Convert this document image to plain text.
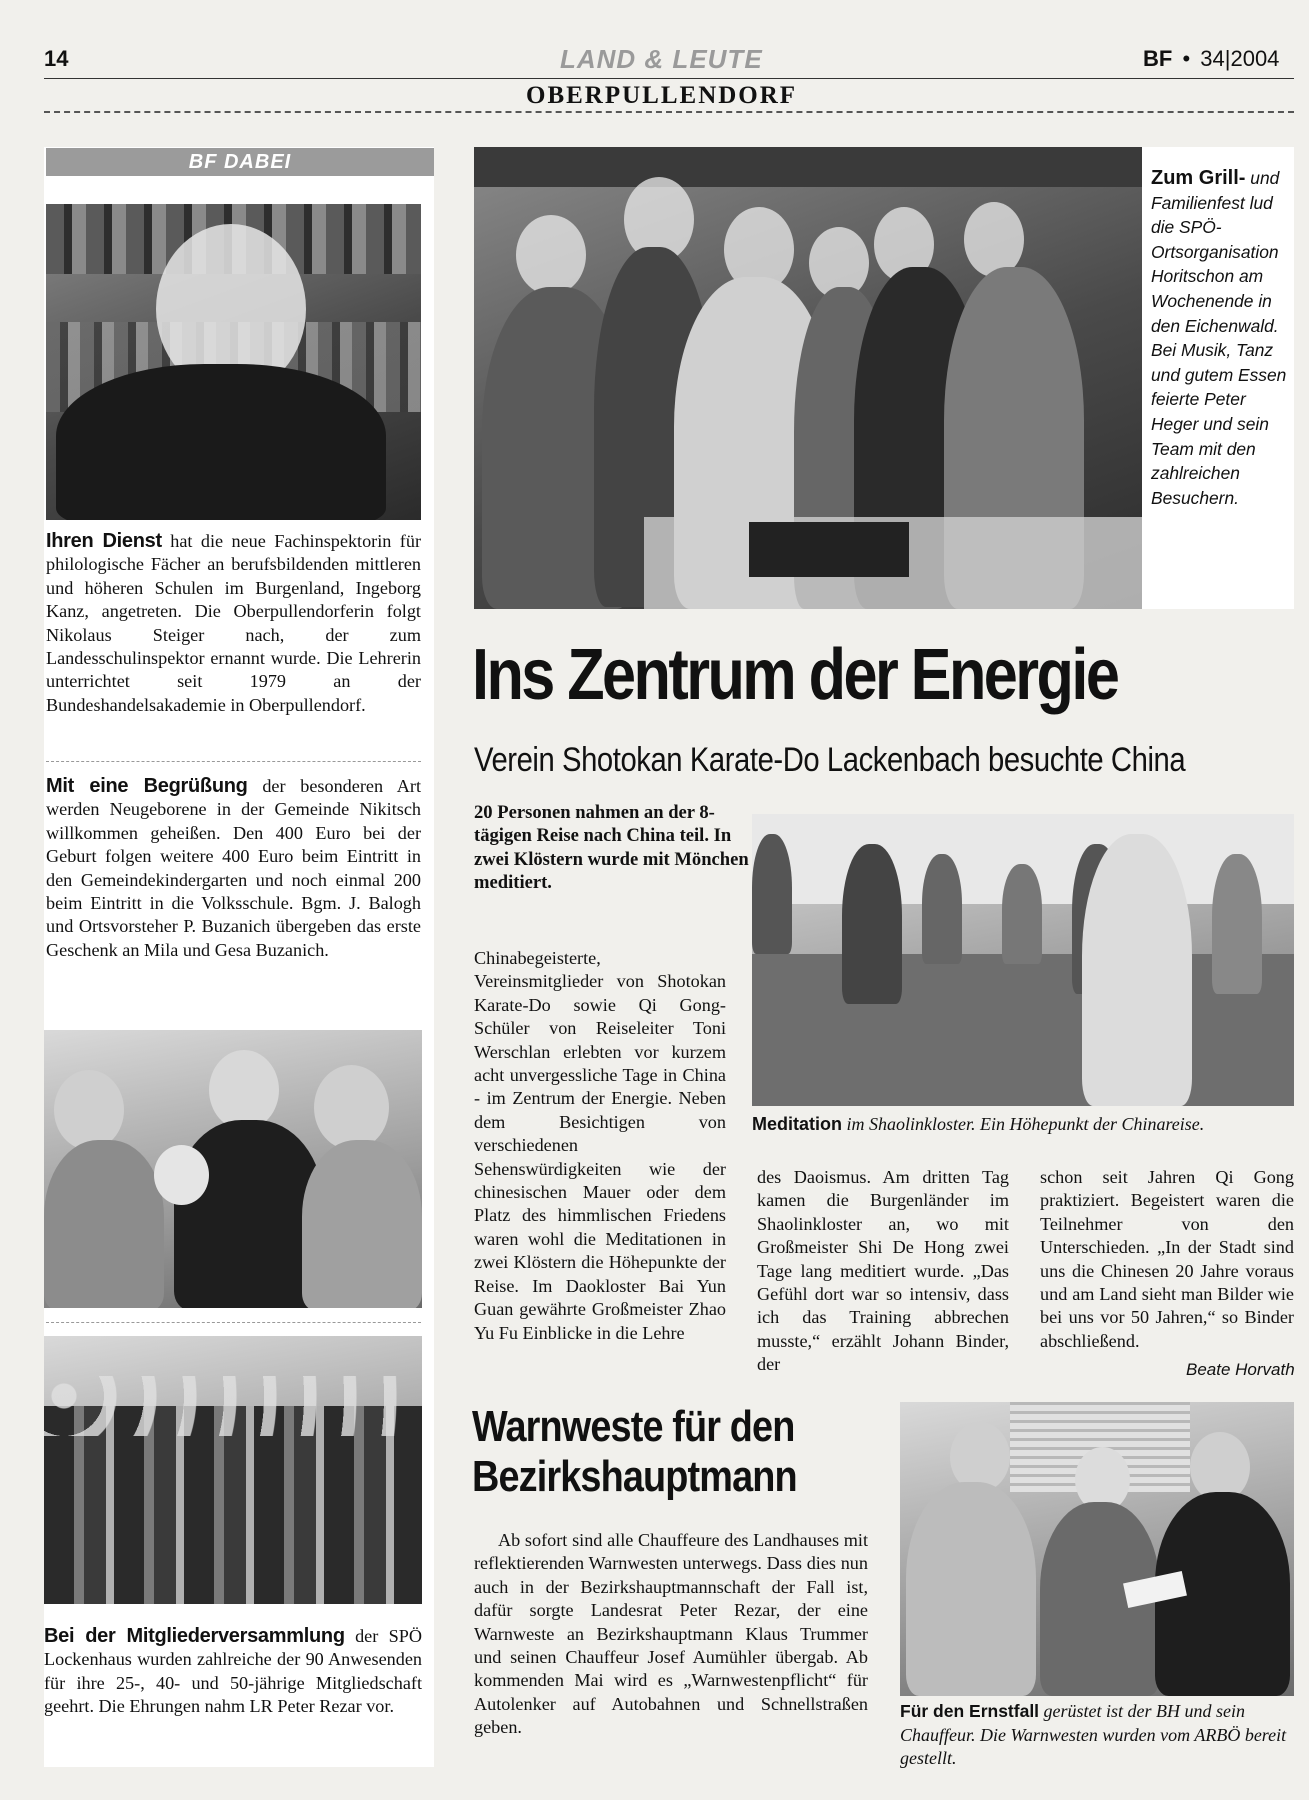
14	LAND & LEUTE	BF • 34|2004
OBERPULLENDORF
BF DABEI

Ihren Dienst hat die neue Fachinspektorin für philologische Fächer an berufsbildenden mittleren und höheren Schulen im Burgenland, Ingeborg Kanz, angetreten. Die Oberpullendorferin folgt Nikolaus Steiger nach, der zum Landesschulinspektor ernannt wurde. Die Lehrerin unterrichtet seit 1979 an der Bundeshandelsakademie in Oberpullendorf.

Mit eine Begrüßung der besonderen Art werden Neugeborene in der Gemeinde Nikitsch willkommen geheißen. Den 400 Euro bei der Geburt folgen weitere 400 Euro beim Eintritt in den Gemeindekindergarten und noch einmal 200 beim Eintritt in die Volksschule. Bgm. J. Balogh und Ortsvorsteher P. Buzanich übergeben das erste Geschenk an Mila und Gesa Buzanich.

Bei der Mitgliederversammlung der SPÖ Lockenhaus wurden zahlreiche der 90 Anwesenden für ihre 25-, 40- und 50-jährige Mitgliedschaft geehrt. Die Ehrungen nahm LR Peter Rezar vor.

Zum Grill- und Familienfest lud die SPÖ-Ortsorganisation Horitschon am Wochenende in den Eichenwald. Bei Musik, Tanz und gutem Essen feierte Peter Heger und sein Team mit den zahlreichen Besuchern.

Ins Zentrum der Energie
Verein Shotokan Karate-Do Lackenbach besuchte China

20 Personen nahmen an der 8-tägigen Reise nach China teil. In zwei Klöstern wurde mit Mönchen meditiert.

Meditation im Shaolinkloster. Ein Höhepunkt der Chinareise.

Chinabegeisterte, Vereinsmitglieder von Shotokan Karate-Do sowie Qi Gong-Schüler von Reiseleiter Toni Werschlan erlebten vor kurzem acht unvergessliche Tage in China - im Zentrum der Energie. Neben dem Besichtigen von verschiedenen Sehenswürdigkeiten wie der chinesischen Mauer oder dem Platz des himmlischen Friedens waren wohl die Meditationen in zwei Klöstern die Höhepunkte der Reise. Im Daokloster Bai Yun Guan gewährte Großmeister Zhao Yu Fu Einblicke in die Lehre

des Daoismus. Am dritten Tag kamen die Burgenländer im Shaolinkloster an, wo mit Großmeister Shi De Hong zwei Tage lang meditiert wurde. „Das Gefühl dort war so intensiv, dass ich das Training abbrechen musste,“ erzählt Johann Binder, der

schon seit Jahren Qi Gong praktiziert. Begeistert waren die Teilnehmer von den Unterschieden. „In der Stadt sind uns die Chinesen 20 Jahre voraus und am Land sieht man Bilder wie bei uns vor 50 Jahren,“ so Binder abschließend.

Beate Horvath
Warnweste für den
Bezirkshauptmann

Ab sofort sind alle Chauffeure des Landhauses mit reflektierenden Warnwesten unterwegs. Dass dies nun auch in der Bezirkshauptmannschaft der Fall ist, dafür sorgte Landesrat Peter Rezar, der eine Warnweste an Bezirkshauptmann Klaus Trummer und seinen Chauffeur Josef Aumühler übergab. Ab kommenden Mai wird es „Warnwestenpflicht“ für Autolenker auf Autobahnen und Schnellstraßen geben.

Für den Ernstfall gerüstet ist der BH und sein Chauffeur. Die Warnwesten wurden vom ARBÖ bereit gestellt.
